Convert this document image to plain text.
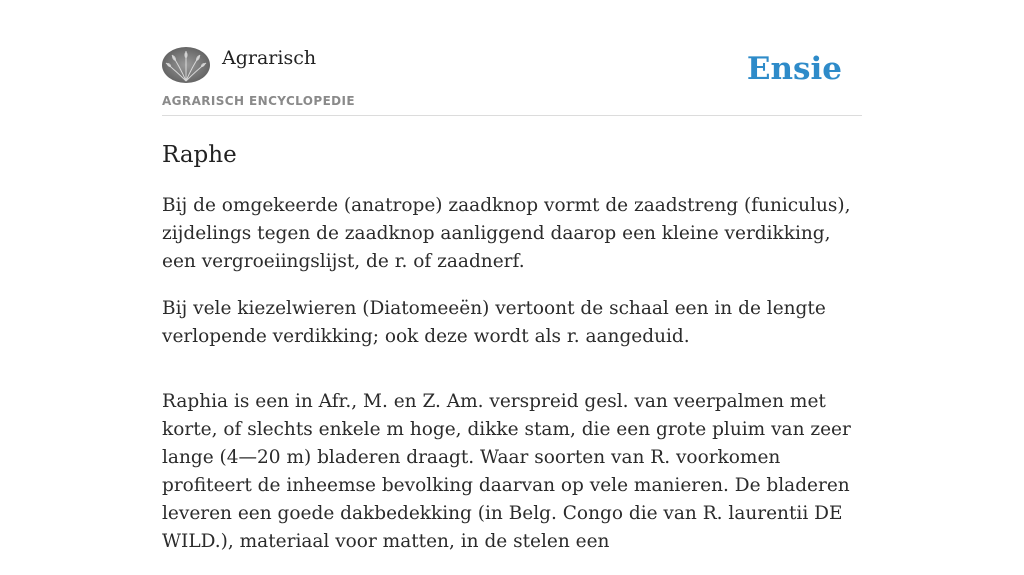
Agrarisch
AGRARISCH ENCYCLOPEDIE
Ensie
Raphe

Bij de omgekeerde (anatrope) zaadknop vormt de zaadstreng (funiculus), zijdelings tegen de zaadknop aanliggend daarop een kleine verdikking, een vergroeiingslijst, de r. of zaadnerf.

Bij vele kiezelwieren (Diatomeeën) vertoont de schaal een in de lengte verlopende verdikking; ook deze wordt als r. aangeduid.

Raphia is een in Afr., M. en Z. Am. verspreid gesl. van veerpalmen met korte, of slechts enkele m hoge, dikke stam, die een grote pluim van zeer lange (4—20 m) bladeren draagt. Waar soorten van R. voorkomen profiteert de inheemse bevolking daarvan op vele manieren. De bladeren leveren een goede dakbedekking (in Belg. Congo die van R. laurentii DE WILD.), materiaal voor matten, in de stelen een
